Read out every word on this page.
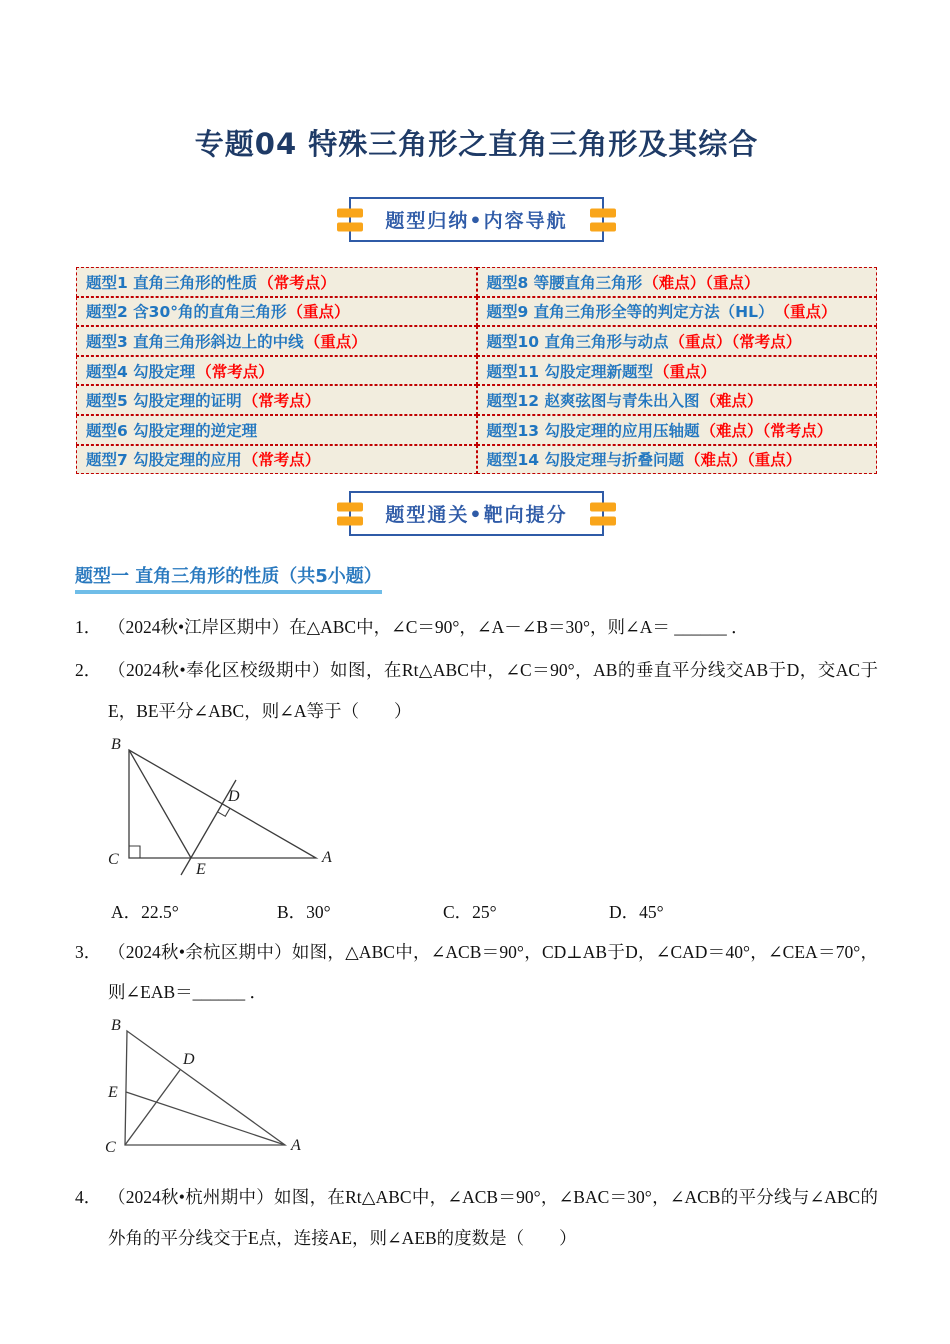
专题04 特殊三角形之直角三角形及其综合
题型归纳•内容导航
题型1 直角三角形的性质 （常考点）	题型8 等腰直角三角形 （难点）（重点）
题型2 含30°角的直角三角形 （重点）	题型9 直角三角形全等的判定方法（HL） （重点）
题型3 直角三角形斜边上的中线 （重点）	题型10 直角三角形与动点 （重点）（常考点）
题型4 勾股定理 （常考点）	题型11 勾股定理新题型 （重点）
题型5 勾股定理的证明 （常考点）	题型12 赵爽弦图与青朱出入图 （难点）
题型6 勾股定理的逆定理	题型13 勾股定理的应用压轴题 （难点）（常考点）
题型7 勾股定理的应用 （常考点）	题型14 勾股定理与折叠问题 （难点）（重点）
题型通关•靶向提分
题型一 直角三角形的性质（共5小题）
1． （2024秋•江岸区期中）在△ABC中，∠C＝90°，∠A－∠B＝30°，则∠A＝ ______ ．
2． （2024秋•奉化区校级期中）如图，在Rt△ABC中，∠C＝90°，AB的垂直平分线交AB于D，交AC于E，BE平分∠ABC，则∠A等于（　　）
B
C	A
D
E
A．22.5°	B．30°	C．25°	D．45°
3． （2024秋•余杭区期中）如图，△ABC中，∠ACB＝90°，CD⊥AB于D，∠CAD＝40°，∠CEA＝70°，则∠EAB＝______ ．
B
C	A
D
E
4． （2024秋•杭州期中）如图，在Rt△ABC中，∠ACB＝90°，∠BAC＝30°，∠ACB的平分线与∠ABC的外角的平分线交于E点，连接AE，则∠AEB的度数是（　　）
